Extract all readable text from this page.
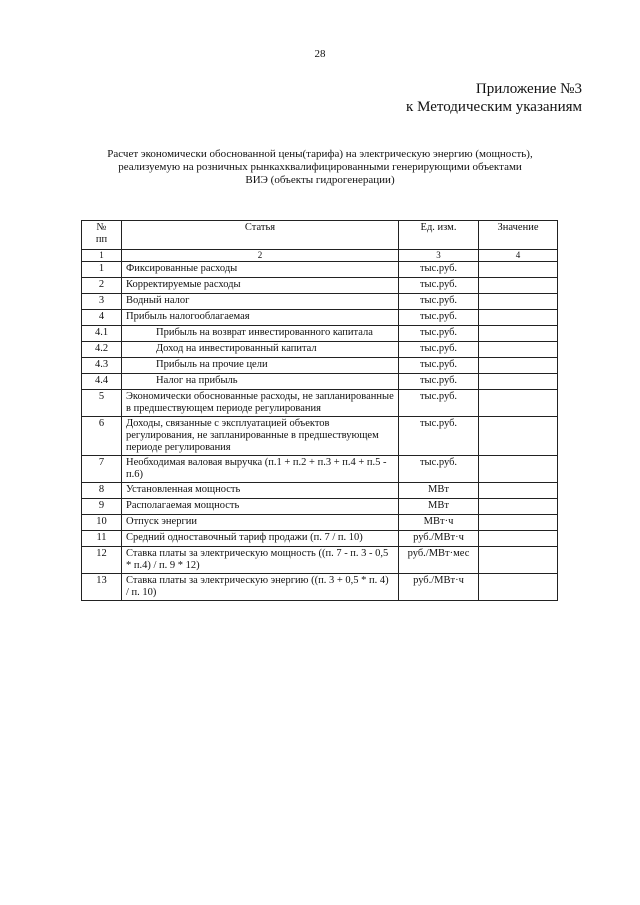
28
Приложение №3
к Методическим указаниям
Расчет экономически обоснованной цены(тарифа) на электрическую энергию (мощность),
реализуемую на розничных рынкахквалифицированными генерирующими объектами
ВИЭ (объекты гидрогенерации)
№
пп	Статья	Ед. изм.	Значение
1	2	3	4
1	Фиксированные расходы	тыс.руб.	
2	Корректируемые расходы	тыс.руб.	
3	Водный налог	тыс.руб.	
4	Прибыль налогооблагаемая	тыс.руб.	
4.1	Прибыль на возврат инвестированного капитала	тыс.руб.	
4.2	Доход на инвестированный капитал	тыс.руб.	
4.3	Прибыль на прочие цели	тыс.руб.	
4.4	Налог на прибыль	тыс.руб.	
5	Экономически обоснованные расходы, не запланированные в предшествующем периоде регулирования	тыс.руб.	
6	Доходы, связанные с эксплуатацией объектов регулирования, не запланированные в предшествующем периоде регулирования	тыс.руб.	
7	Необходимая валовая выручка (п.1 + п.2 + п.3 + п.4 + п.5 - п.6)	тыс.руб.	
8	Установленная мощность	МВт	
9	Располагаемая мощность	МВт	
10	Отпуск энергии	МВт·ч	
11	Средний одноставочный тариф продажи (п. 7 / п. 10)	руб./МВт·ч	
12	Ставка платы за электрическую мощность ((п. 7 - п. 3 - 0,5 * п.4) / п. 9 * 12)	руб./МВт·мес	
13	Ставка платы за электрическую энергию ((п. 3 + 0,5 * п. 4) / п. 10)	руб./МВт·ч	
